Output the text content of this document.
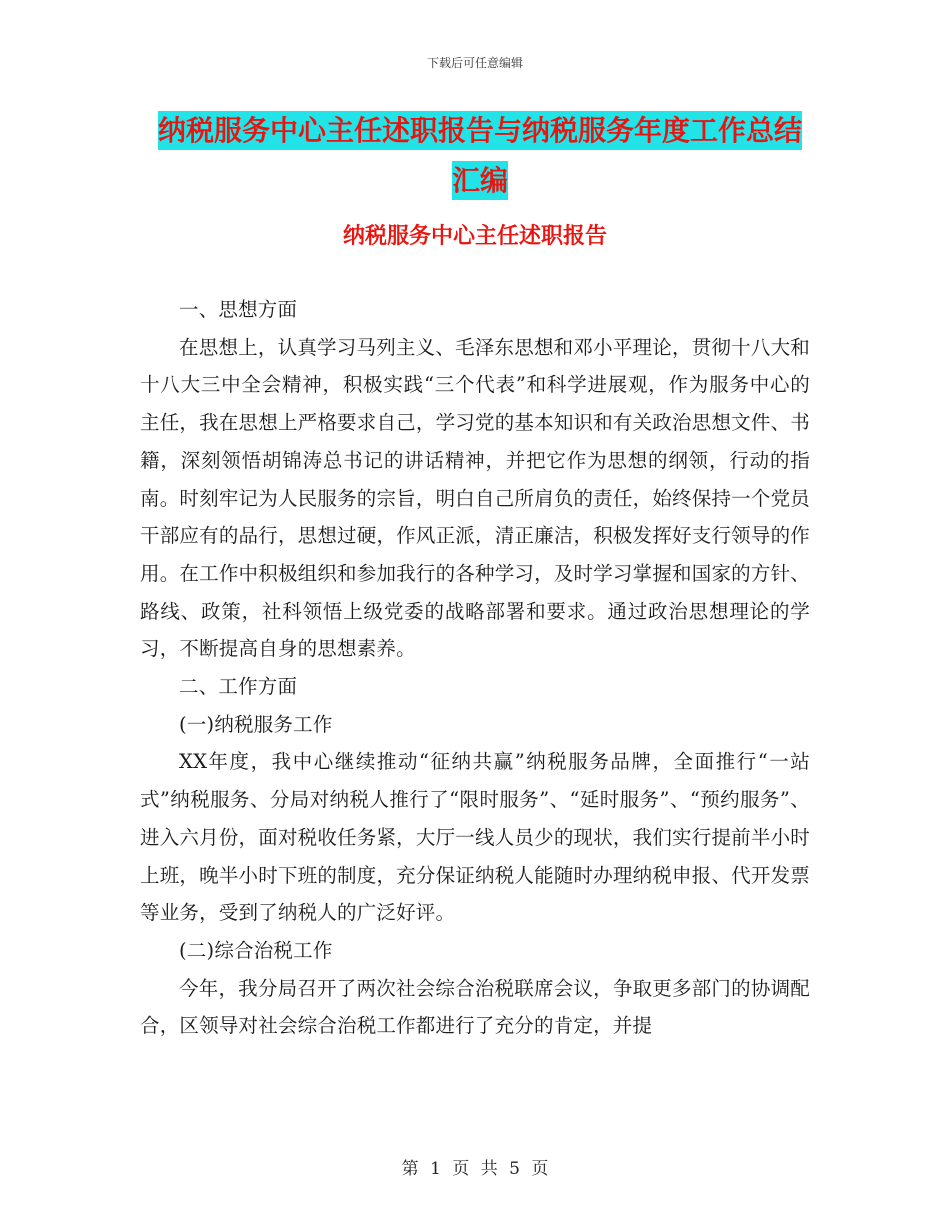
下载后可任意编辑
纳税服务中心主任述职报告与纳税服务年度工作总结
汇编
纳税服务中心主任述职报告

一、思想方面

在思想上，认真学习马列主义、毛泽东思想和邓小平理论，贯彻十八大和十八大三中全会精神，积极实践“三个代表”和科学进展观，作为服务中心的主任，我在思想上严格要求自己，学习党的基本知识和有关政治思想文件、书籍，深刻领悟胡锦涛总书记的讲话精神，并把它作为思想的纲领，行动的指南。时刻牢记为人民服务的宗旨，明白自己所肩负的责任，始终保持一个党员干部应有的品行，思想过硬，作风正派，清正廉洁，积极发挥好支行领导的作用。在工作中积极组织和参加我行的各种学习，及时学习掌握和国家的方针、路线、政策，社科领悟上级党委的战略部署和要求。通过政治思想理论的学习，不断提高自身的思想素养。

二、工作方面

(一)纳税服务工作

XX年度，我中心继续推动“征纳共赢”纳税服务品牌，全面推行“一站式”纳税服务、分局对纳税人推行了“限时服务”、“延时服务”、“预约服务”、进入六月份，面对税收任务紧，大厅一线人员少的现状，我们实行提前半小时上班，晚半小时下班的制度，充分保证纳税人能随时办理纳税申报、代开发票等业务，受到了纳税人的广泛好评。

(二)综合治税工作

今年，我分局召开了两次社会综合治税联席会议，争取更多部门的协调配合，区领导对社会综合治税工作都进行了充分的肯定，并提

第 1 页 共 5 页
